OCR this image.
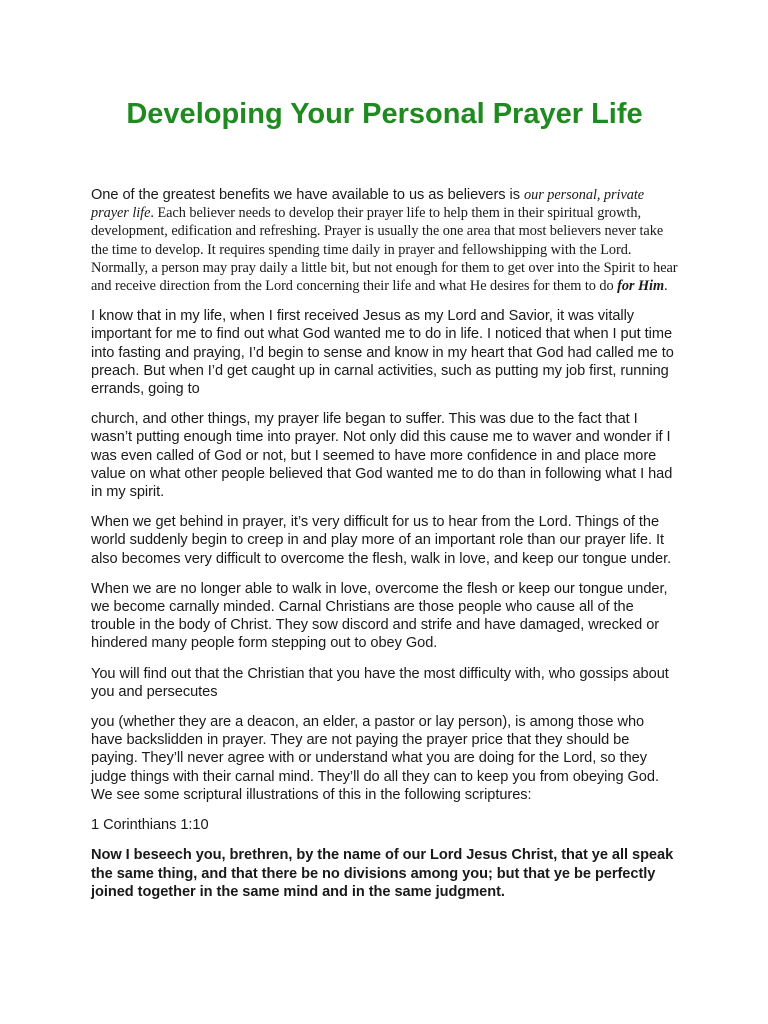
Developing Your Personal Prayer Life

One of the greatest benefits we have available to us as believers is our personal, private prayer life. Each believer needs to develop their prayer life to help them in their spiritual growth, development, edification and refreshing. Prayer is usually the one area that most believers never take the time to develop. It requires spending time daily in prayer and fellowshipping with the Lord. Normally, a person may pray daily a little bit, but not enough for them to get over into the Spirit to hear and receive direction from the Lord concerning their life and what He desires for them to do for Him.

I know that in my life, when I first received Jesus as my Lord and Savior, it was vitally important for me to find out what God wanted me to do in life. I noticed that when I put time into fasting and praying, I’d begin to sense and know in my heart that God had called me to preach. But when I’d get caught up in carnal activities, such as putting my job first, running errands, going to

church, and other things, my prayer life began to suffer. This was due to the fact that I wasn’t putting enough time into prayer. Not only did this cause me to waver and wonder if I was even called of God or not, but I seemed to have more confidence in and place more value on what other people believed that God wanted me to do than in following what I had in my spirit.

When we get behind in prayer, it’s very difficult for us to hear from the Lord. Things of the world suddenly begin to creep in and play more of an important role than our prayer life. It also becomes very difficult to overcome the flesh, walk in love, and keep our tongue under.

When we are no longer able to walk in love, overcome the flesh or keep our tongue under, we become carnally minded. Carnal Christians are those people who cause all of the trouble in the body of Christ. They sow discord and strife and have damaged, wrecked or hindered many people form stepping out to obey God.

You will find out that the Christian that you have the most difficulty with, who gossips about you and persecutes

you (whether they are a deacon, an elder, a pastor or lay person), is among those who have backslidden in prayer. They are not paying the prayer price that they should be paying. They’ll never agree with or understand what you are doing for the Lord, so they judge things with their carnal mind. They’ll do all they can to keep you from obeying God. We see some scriptural illustrations of this in the following scriptures:

1 Corinthians 1:10

Now I beseech you, brethren, by the name of our Lord Jesus Christ, that ye all speak the same thing, and that there be no divisions among you; but that ye be perfectly joined together in the same mind and in the same judgment.
